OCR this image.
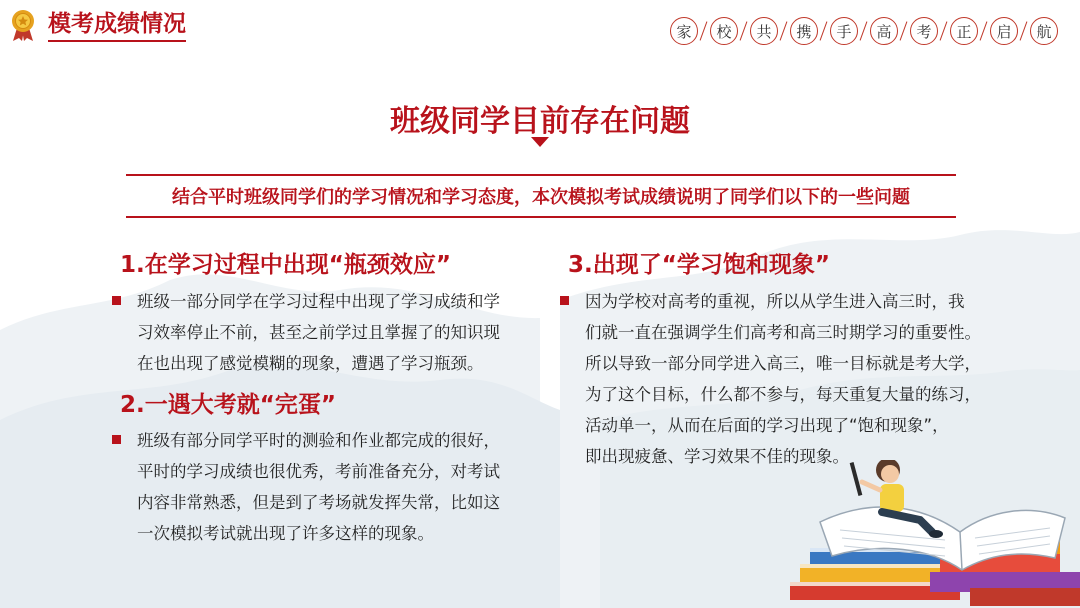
模考成绩情况	家	校	共	携	手	高	考	正	启	航
班级同学目前存在问题
结合平时班级同学们的学习情况和学习态度，本次模拟考试成绩说明了同学们以下的一些问题
1.在学习过程中出现“瓶颈效应”
班级一部分同学在学习过程中出现了学习成绩和学
习效率停止不前，甚至之前学过且掌握了的知识现
在也出现了感觉模糊的现象，遭遇了学习瓶颈。
2.一遇大考就“完蛋”
班级有部分同学平时的测验和作业都完成的很好，
平时的学习成绩也很优秀，考前准备充分，对考试
内容非常熟悉，但是到了考场就发挥失常，比如这
一次模拟考试就出现了许多这样的现象。
3.出现了“学习饱和现象”
因为学校对高考的重视，所以从学生进入高三时，我
们就一直在强调学生们高考和高三时期学习的重要性。
所以导致一部分同学进入高三，唯一目标就是考大学，
为了这个目标，什么都不参与，每天重复大量的练习，
活动单一，从而在后面的学习出现了“饱和现象”，
即出现疲惫、学习效果不佳的现象。
